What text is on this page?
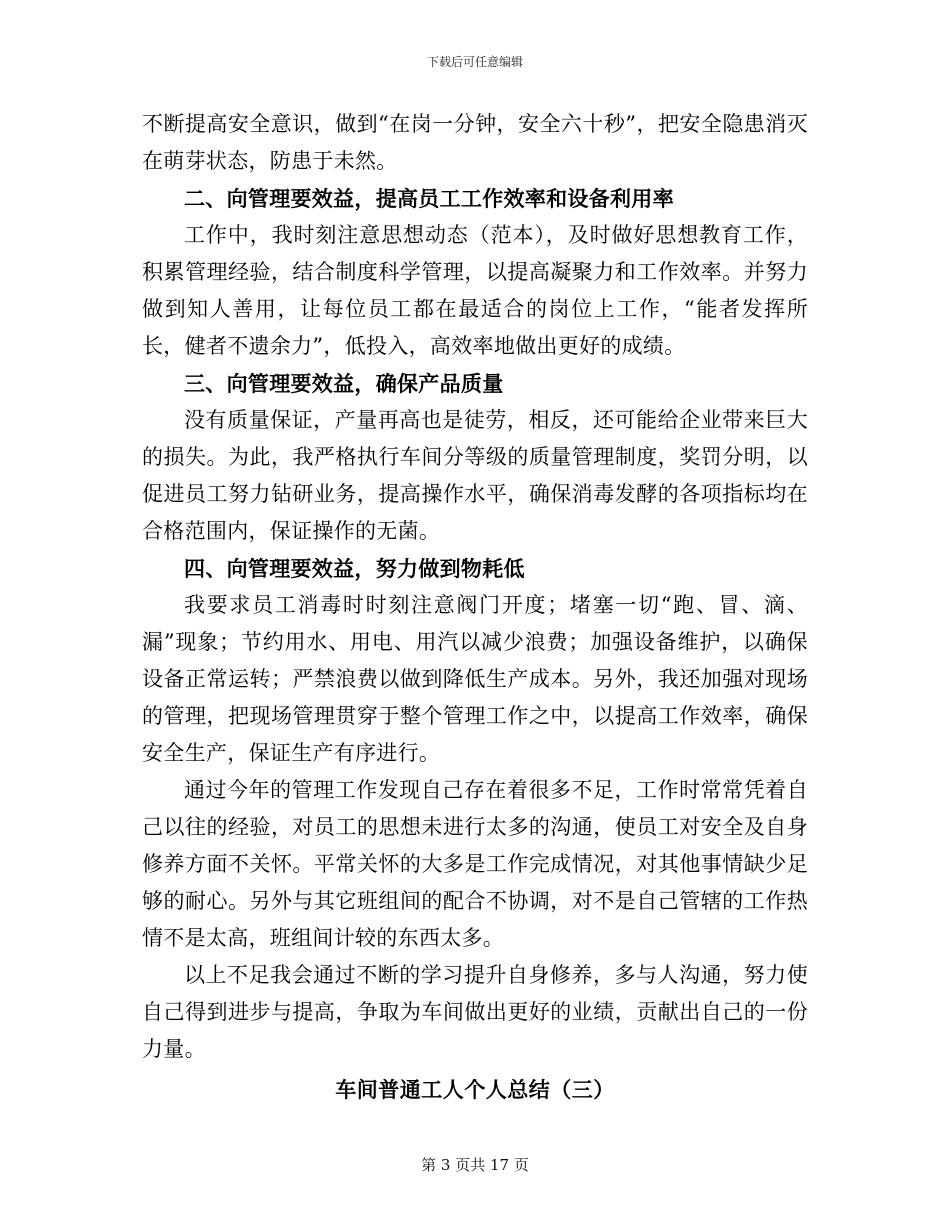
下载后可任意编辑

不断提高安全意识，做到“在岗一分钟，安全六十秒”，把安全隐患消灭在萌芽状态，防患于未然。

二、向管理要效益，提高员工工作效率和设备利用率

工作中，我时刻注意思想动态（范本），及时做好思想教育工作，积累管理经验，结合制度科学管理，以提高凝聚力和工作效率。并努力做到知人善用，让每位员工都在最适合的岗位上工作，“能者发挥所长，健者不遗余力”，低投入，高效率地做出更好的成绩。

三、向管理要效益，确保产品质量

没有质量保证，产量再高也是徒劳，相反，还可能给企业带来巨大的损失。为此，我严格执行车间分等级的质量管理制度，奖罚分明，以促进员工努力钻研业务，提高操作水平，确保消毒发酵的各项指标均在合格范围内，保证操作的无菌。

四、向管理要效益，努力做到物耗低

我要求员工消毒时时刻注意阀门开度；堵塞一切“跑、冒、滴、漏”现象；节约用水、用电、用汽以减少浪费；加强设备维护，以确保设备正常运转；严禁浪费以做到降低生产成本。另外，我还加强对现场的管理，把现场管理贯穿于整个管理工作之中，以提高工作效率，确保安全生产，保证生产有序进行。

通过今年的管理工作发现自己存在着很多不足，工作时常常凭着自己以往的经验，对员工的思想未进行太多的沟通，使员工对安全及自身修养方面不关怀。平常关怀的大多是工作完成情况，对其他事情缺少足够的耐心。另外与其它班组间的配合不协调，对不是自己管辖的工作热情不是太高，班组间计较的东西太多。

以上不足我会通过不断的学习提升自身修养，多与人沟通，努力使自己得到进步与提高，争取为车间做出更好的业绩，贡献出自己的一份力量。

车间普通工人个人总结（三）

第 3 页共 17 页
